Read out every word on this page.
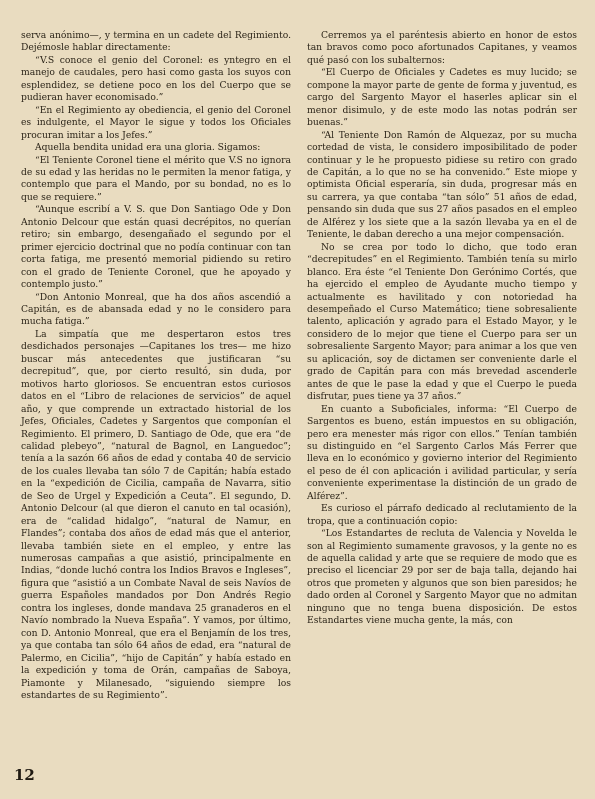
serva anónimo—, y termina en un cadete del Regimiento. Dejémosle hablar directamente:

“V.S conoce el genio del Coronel: es yntegro en el manejo de caudales, pero hasi como gasta los suyos con esplendidez, se detiene poco en los del Cuerpo que se pudieran haver economisado.”

“En el Regimiento ay obediencia, el genio del Coronel es indulgente, el Mayor le sigue y todos los Oficiales procuran imitar a los Jefes.”

Aquella bendita unidad era una gloria. Sigamos:

“El Teniente Coronel tiene el mérito que V.S no ignora de su edad y las heridas no le permiten la menor fatiga, y contemplo que para el Mando, por su bondad, no es lo que se requiere.”

“Aunque escribí a V. S. que Don Santiago Ode y Don Antonio Delcour que están quasi decrépitos, no querían retiro; sin embargo, desengañado el segundo por el primer ejercicio doctrinal que no podía continuar con tan corta fatiga, me presentó memorial pidiendo su retiro con el grado de Teniente Coronel, que he apoyado y contemplo justo.”

“Don Antonio Monreal, que ha dos años ascendió a Capitán, es de abansada edad y no le considero para mucha fatiga.”

La simpatía que me despertaron estos tres desdichados personajes —Capitanes los tres— me hizo buscar más antecedentes que justificaran “su decrepitud”, que, por cierto resultó, sin duda, por motivos harto gloriosos. Se encuentran estos curiosos datos en el “Libro de relaciones de servicios” de aquel año, y que comprende un extractado historial de los Jefes, Oficiales, Cadetes y Sargentos que componían el Regimiento. El primero, D. Santiago de Ode, que era “de calidad plebeyo”, “natural de Bagnol, en Languedoc”; tenía a la sazón 66 años de edad y contaba 40 de servicio de los cuales llevaba tan sólo 7 de Capitán; había estado en la “expedición de Cicilia, campaña de Navarra, sitio de Seo de Urgel y Expedición a Ceuta”. El segundo, D. Antonio Delcour (al que dieron el canuto en tal ocasión), era de “calidad hidalgo”, “natural de Namur, en Flandes”; contaba dos años de edad más que el anterior, llevaba también siete en el empleo, y entre las numerosas campañas a que asistió, principalmente en Indias, “donde luchó contra los Indios Bravos e Ingleses”, figura que “asistió a un Combate Naval de seis Navíos de guerra Españoles mandados por Don Andrés Regio contra los ingleses, donde mandava 25 granaderos en el Navío nombrado la Nueva España”. Y vamos, por último, con D. Antonio Monreal, que era el Benjamín de los tres, ya que contaba tan sólo 64 años de edad, era “natural de Palermo, en Cicilia”, “hijo de Capitán” y había estado en la expedición y toma de Orán, campañas de Saboya, Piamonte y Milanesado, “siguiendo siempre los estandartes de su Regimiento”.

Cerremos ya el paréntesis abierto en honor de estos tan bravos como poco afortunados Capitanes, y veamos qué pasó con los subalternos:

“El Cuerpo de Oficiales y Cadetes es muy lucido; se compone la mayor parte de gente de forma y juventud, es cargo del Sargento Mayor el haserles aplicar sin el menor disimulo, y de este modo las notas podrán ser buenas.”

“Al Teniente Don Ramón de Alquezaz, por su mucha cortedad de vista, le considero imposibilitado de poder continuar y le he propuesto pidiese su retiro con grado de Capitán, a lo que no se ha convenido.” Este miope y optimista Oficial esperaría, sin duda, progresar más en su carrera, ya que contaba “tan sólo” 51 años de edad, pensando sin duda que sus 27 años pasados en el empleo de Alférez y los siete que a la sazón llevaba ya en el de Teniente, le daban derecho a una mejor compensación.

No se crea por todo lo dicho, que todo eran “decrepitudes” en el Regimiento. También tenía su mirlo blanco. Era éste “el Teniente Don Gerónimo Cortés, que ha ejercido el empleo de Ayudante mucho tiempo y actualmente es havilitado y con notoriedad ha desempeñado el Curso Matemático; tiene sobresaliente talento, aplicación y agrado para el Estado Mayor, y le considero de lo mejor que tiene el Cuerpo para ser un sobresaliente Sargento Mayor; para animar a los que ven su aplicación, soy de dictamen ser conveniente darle el grado de Capitán para con más brevedad ascenderle antes de que le pase la edad y que el Cuerpo le pueda disfrutar, pues tiene ya 37 años.”

En cuanto a Suboficiales, informa: “El Cuerpo de Sargentos es bueno, están impuestos en su obligación, pero era menester más rigor con ellos.” Tenían también su distinguido en “el Sargento Carlos Más Ferrer que lleva en lo económico y govierno interior del Regimiento el peso de él con aplicación i avilidad particular, y sería conveniente experimentase la distinción de un grado de Alférez”.

Es curioso el párrafo dedicado al reclutamiento de la tropa, que a continuación copio:

“Los Estandartes de recluta de Valencia y Novelda le son al Regimiento sumamente gravosos, y la gente no es de aquella calidad y arte que se requiere de modo que es preciso el licenciar 29 por ser de baja talla, dejando hai otros que prometen y algunos que son bien paresidos; he dado orden al Coronel y Sargento Mayor que no admitan ninguno que no tenga buena disposición. De estos Estandartes viene mucha gente, la más, con

12
